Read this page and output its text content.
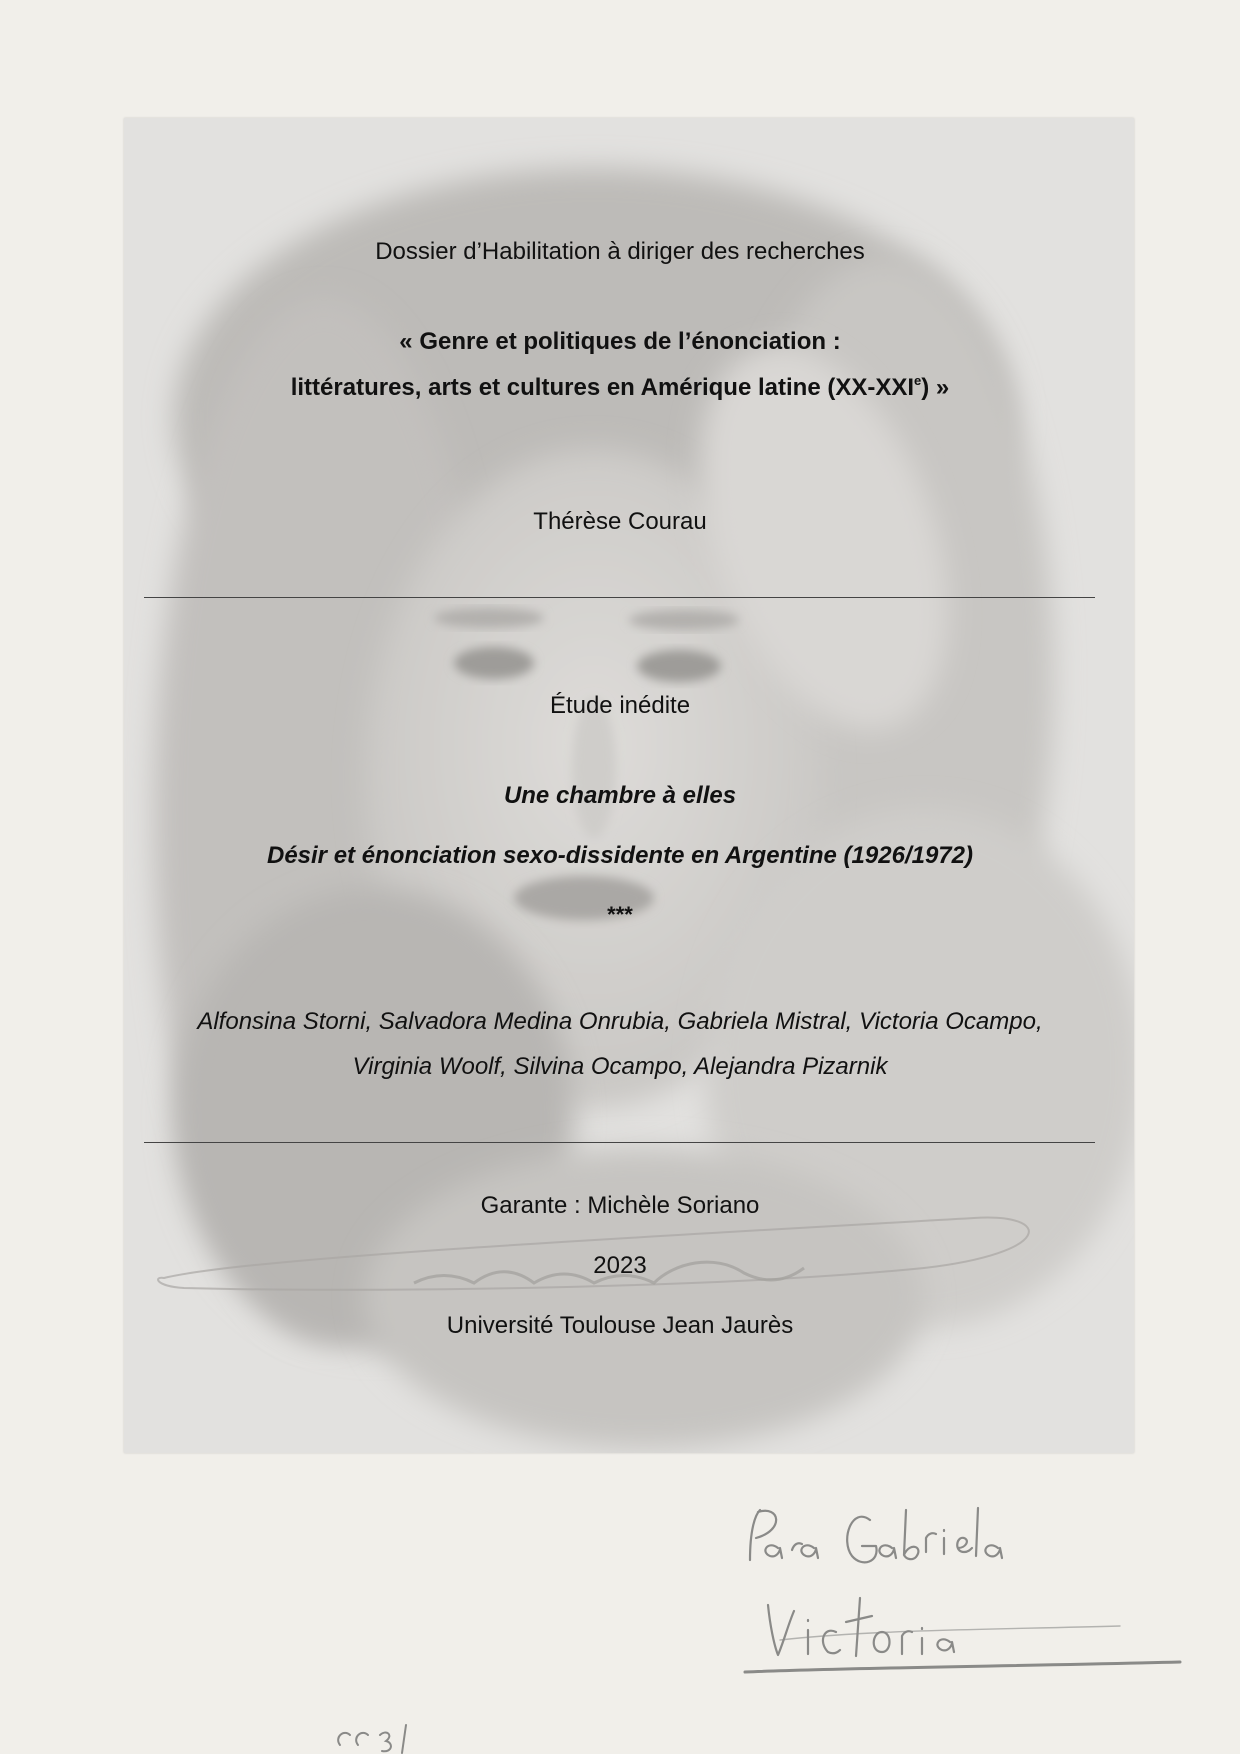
Dossier d’Habilitation à diriger des recherches

« Genre et politiques de l’énonciation :

littératures, arts et cultures en Amérique latine (XX-XXIe) »

Thérèse Courau

Étude inédite

Une chambre à elles

Désir et énonciation sexo-dissidente en Argentine (1926/1972)

***

Alfonsina Storni, Salvadora Medina Onrubia, Gabriela Mistral, Victoria Ocampo,

Virginia Woolf, Silvina Ocampo, Alejandra Pizarnik

Garante : Michèle Soriano

2023

Université Toulouse Jean Jaurès
